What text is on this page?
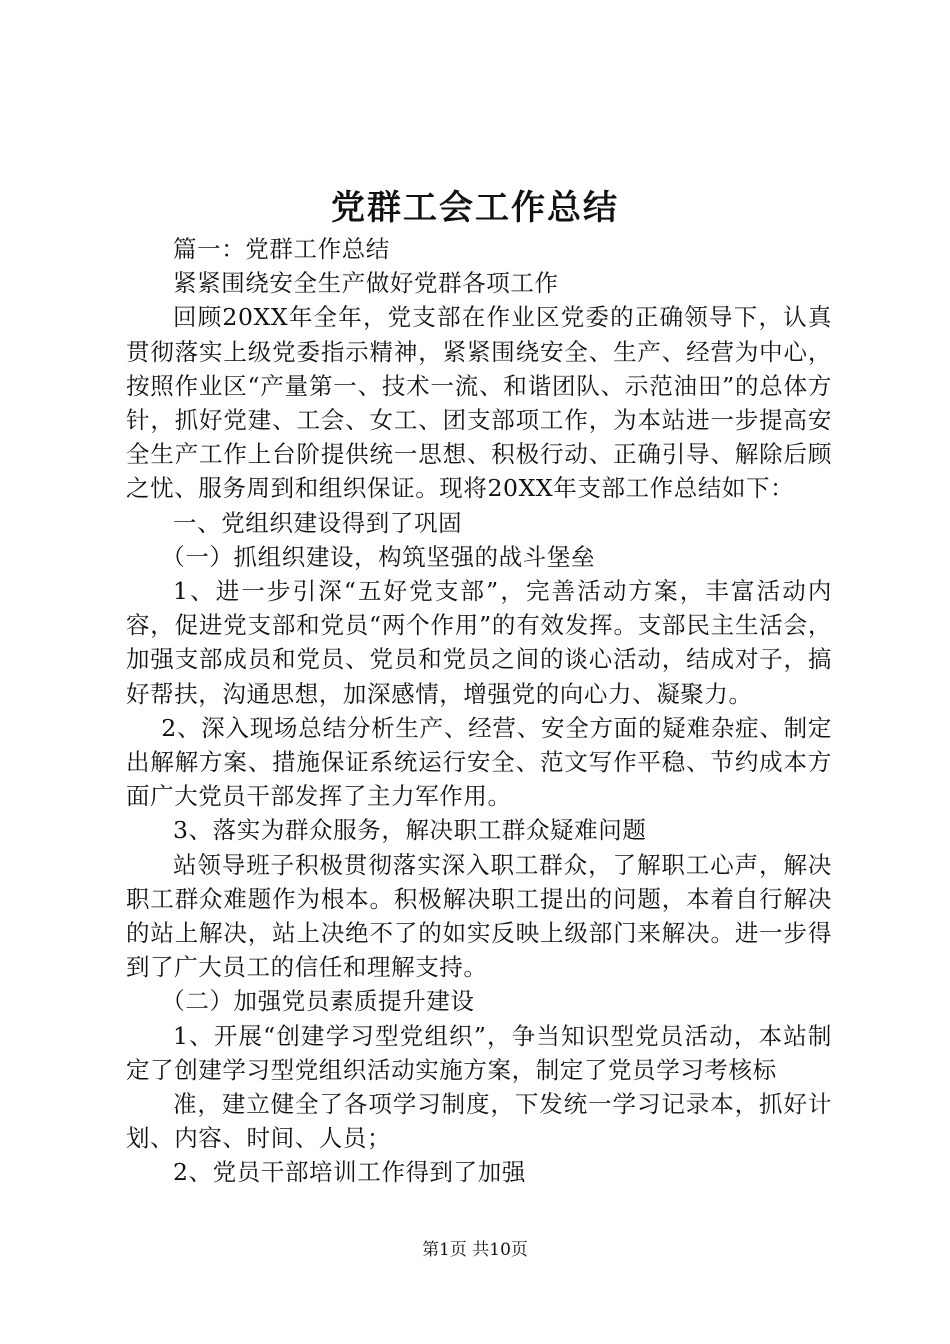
党群工会工作总结

篇一：党群工作总结

紧紧围绕安全生产做好党群各项工作

回顾20XX年全年，党支部在作业区党委的正确领导下，认真贯彻落实上级党委指示精神，紧紧围绕安全、生产、经营为中心，按照作业区“产量第一、技术一流、和谐团队、示范油田”的总体方针，抓好党建、工会、女工、团支部项工作，为本站进一步提高安全生产工作上台阶提供统一思想、积极行动、正确引导、解除后顾之忧、服务周到和组织保证。现将20XX年支部工作总结如下：

一、党组织建设得到了巩固

（一）抓组织建设，构筑坚强的战斗堡垒

1、进一步引深“五好党支部”，完善活动方案，丰富活动内容，促进党支部和党员“两个作用”的有效发挥。支部民主生活会，加强支部成员和党员、党员和党员之间的谈心活动，结成对子，搞好帮扶，沟通思想，加深感情，增强党的向心力、凝聚力。

2、深入现场总结分析生产、经营、安全方面的疑难杂症、制定出解解方案、措施保证系统运行安全、范文写作平稳、节约成本方面广大党员干部发挥了主力军作用。

3、落实为群众服务，解决职工群众疑难问题

站领导班子积极贯彻落实深入职工群众，了解职工心声，解决职工群众难题作为根本。积极解决职工提出的问题，本着自行解决的站上解决，站上决绝不了的如实反映上级部门来解决。进一步得到了广大员工的信任和理解支持。

（二）加强党员素质提升建设

1、开展“创建学习型党组织”，争当知识型党员活动，本站制定了创建学习型党组织活动实施方案，制定了党员学习考核标

准，建立健全了各项学习制度，下发统一学习记录本，抓好计划、内容、时间、人员；

2、党员干部培训工作得到了加强

第1页 共10页
